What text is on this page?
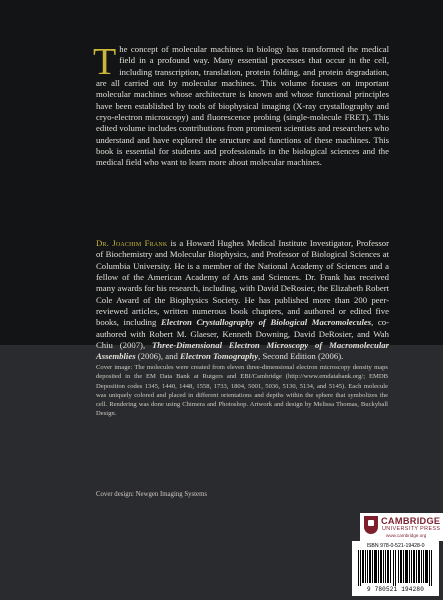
The concept of molecular machines in biology has transformed the medical field in a profound way. Many essential processes that occur in the cell, including transcription, translation, protein folding, and protein degradation, are all carried out by molecular machines. This volume focuses on important molecular machines whose architecture is known and whose functional principles have been established by tools of biophysical imaging (X-ray crystallography and cryo-electron microscopy) and fluorescence probing (single-molecule FRET). This edited volume includes contributions from prominent scientists and researchers who understand and have explored the structure and functions of these machines. This book is essential for students and professionals in the biological sciences and the medical field who want to learn more about molecular machines.

Dr. Joachim Frank is a Howard Hughes Medical Institute Investigator, Professor of Biochemistry and Molecular Biophysics, and Professor of Biological Sciences at Columbia University. He is a member of the National Academy of Sciences and a fellow of the American Academy of Arts and Sciences. Dr. Frank has received many awards for his research, including, with David DeRosier, the Elizabeth Robert Cole Award of the Biophysics Society. He has published more than 200 peer-reviewed articles, written numerous book chapters, and authored or edited five books, including Electron Crystallography of Biological Macromolecules, co-authored with Robert M. Glaeser, Kenneth Downing, David DeRosier, and Wah Chiu (2007), Three-Dimensional Electron Microscopy of Macromolecular Assemblies (2006), and Electron Tomography, Second Edition (2006).

Cover image: The molecules were created from eleven three-dimensional electron microscopy density maps deposited in the EM Data Bank at Rutgers and EBI/Cambridge (http://www.emdatabank.org/; EMDB Deposition codes 1345, 1440, 1448, 1558, 1733, 1804, 5001, 5036, 5130, 5134, and 5145). Each molecule was uniquely colored and placed in different orientations and depths within the sphere that symbolizes the cell. Rendering was done using Chimera and Photoshop. Artwork and design by Melissa Thomas, Buckyball Design.

Cover design: Newgen Imaging Systems

CAMBRIDGE
UNIVERSITY PRESS
www.cambridge.org
ISBN 978-0-521-19428-0
9 780521 194280
